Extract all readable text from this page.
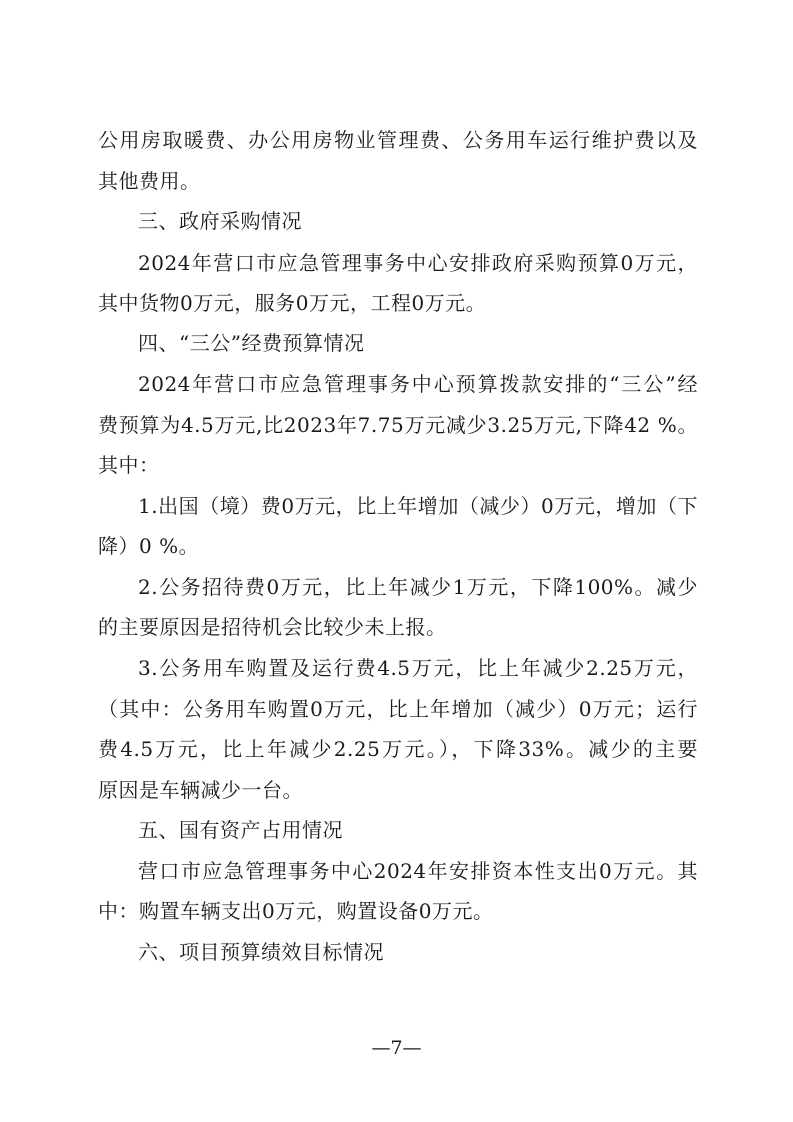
公用房取暖费、办公用房物业管理费、公务用车运行维护费以及
其他费用。
三、政府采购情况
2024年营口市应急管理事务中心安排政府采购预算0万元，
其中货物0万元，服务0万元，工程0万元。
四、“三公”经费预算情况
2024年营口市应急管理事务中心预算拨款安排的“三公”经
费预算为4.5万元,比2023年7.75万元减少3.25万元,下降42 %。
其中：
1.出国（境）费0万元，比上年增加（减少）0万元，增加（下
降）0 %。
2.公务招待费0万元，比上年减少1万元，下降100%。减少
的主要原因是招待机会比较少未上报。
3.公务用车购置及运行费4.5万元，比上年减少2.25万元，
（其中：公务用车购置0万元，比上年增加（减少）0万元；运行
费4.5万元，比上年减少2.25万元。），下降33%。减少的主要
原因是车辆减少一台。
五、国有资产占用情况
营口市应急管理事务中心2024年安排资本性支出0万元。其
中：购置车辆支出0万元，购置设备0万元。
六、项目预算绩效目标情况
—7—
